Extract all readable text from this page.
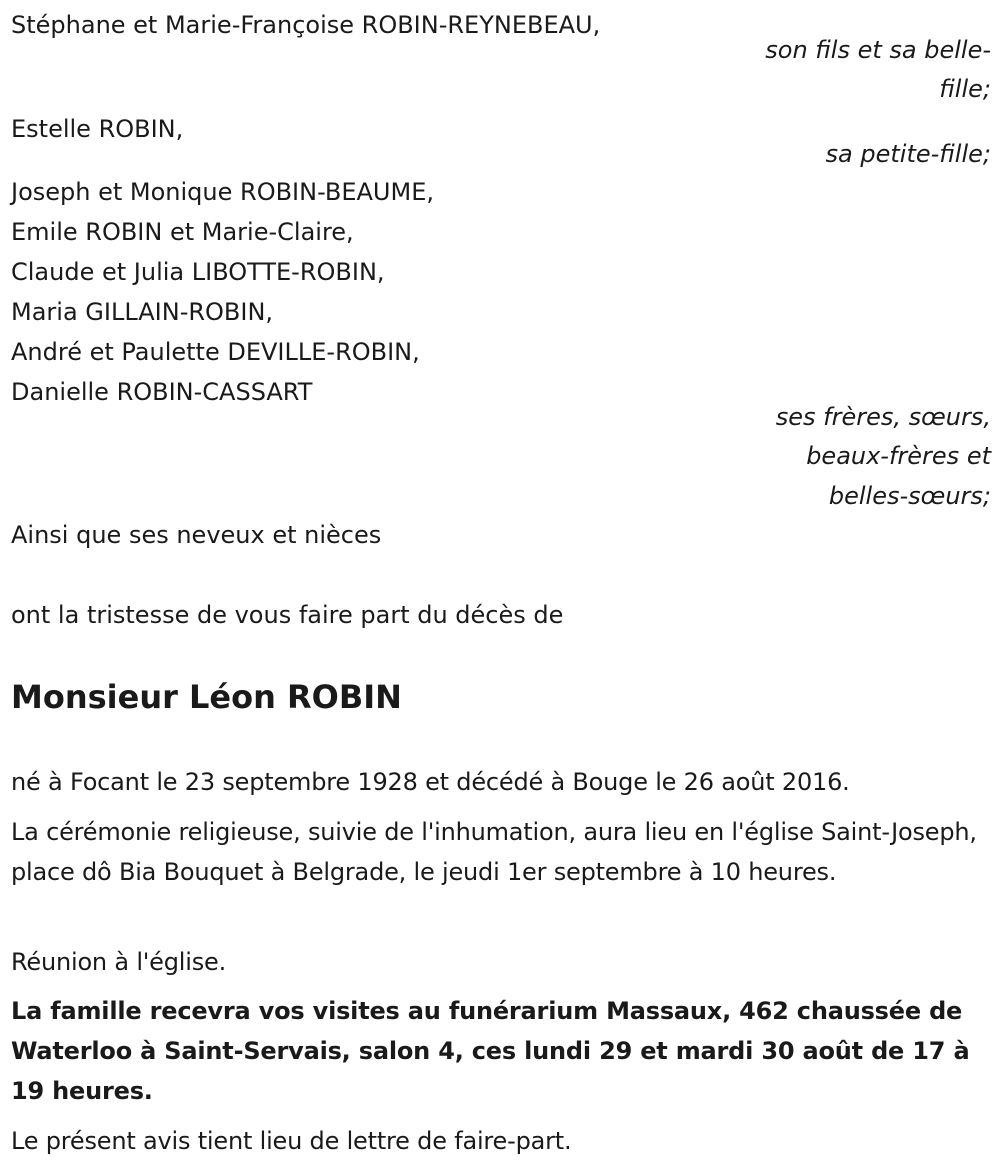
Stéphane et Marie-Françoise ROBIN-REYNEBEAU,

son fils et sa belle-

fille;

Estelle ROBIN,

sa petite-fille;

Joseph et Monique ROBIN-BEAUME,

Emile ROBIN et Marie-Claire,

Claude et Julia LIBOTTE-ROBIN,

Maria GILLAIN-ROBIN,

André et Paulette DEVILLE-ROBIN,

Danielle ROBIN-CASSART

ses frères, sœurs,

beaux-frères et

belles-sœurs;

Ainsi que ses neveux et nièces

ont la tristesse de vous faire part du décès de

Monsieur Léon ROBIN

né à Focant le 23 septembre 1928 et décédé à Bouge le 26 août 2016.

La cérémonie religieuse, suivie de l'inhumation, aura lieu en l'église Saint-Joseph, place dô Bia Bouquet à Belgrade, le jeudi 1er septembre à 10 heures.

Réunion à l'église.

La famille recevra vos visites au funérarium Massaux, 462 chaussée de Waterloo à Saint-Servais, salon 4, ces lundi 29 et mardi 30 août de 17 à 19 heures.

Le présent avis tient lieu de lettre de faire-part.
